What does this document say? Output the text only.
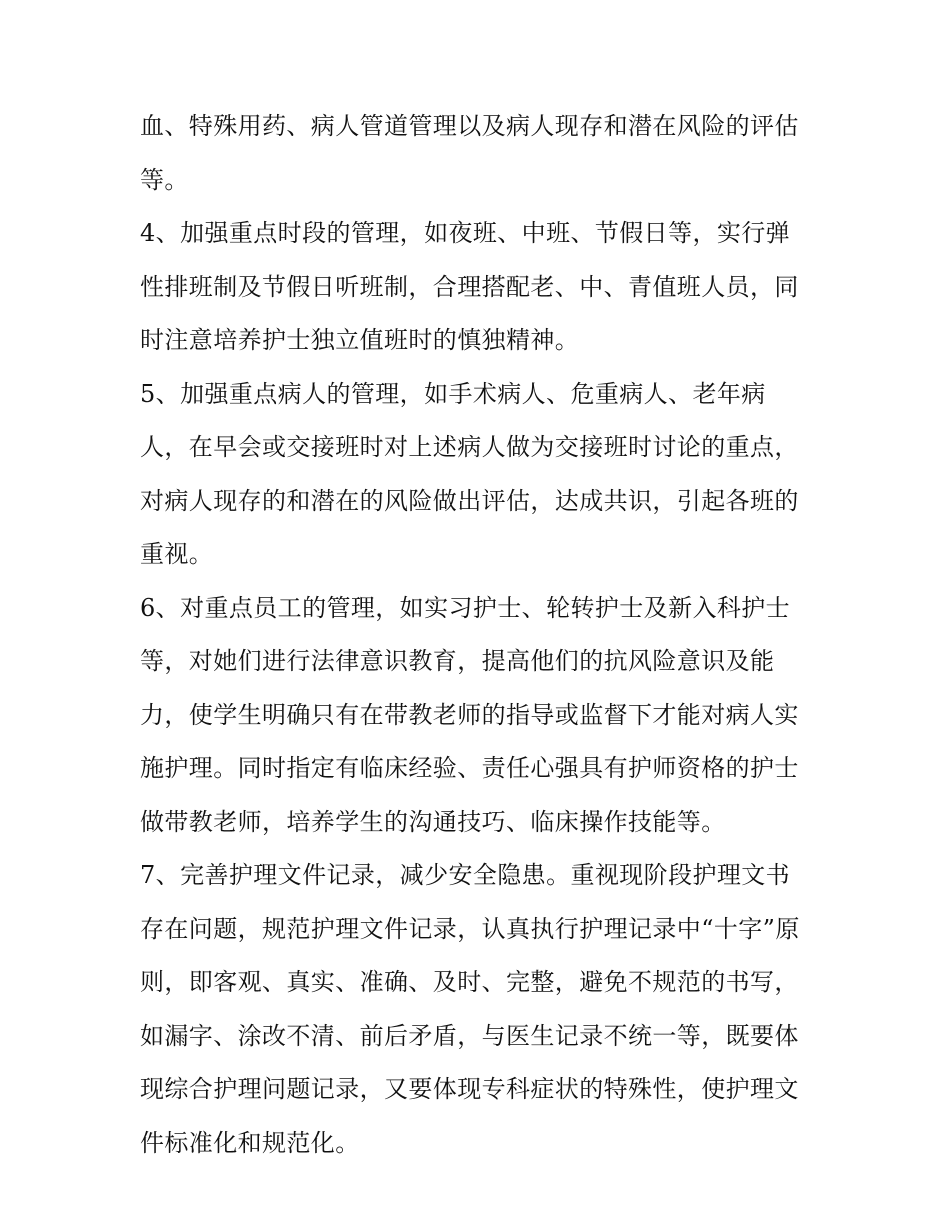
血、特殊用药、病人管道管理以及病人现存和潜在风险的评估
等。
4、加强重点时段的管理，如夜班、中班、节假日等，实行弹
性排班制及节假日听班制，合理搭配老、中、青值班人员，同
时注意培养护士独立值班时的慎独精神。
5、加强重点病人的管理，如手术病人、危重病人、老年病
人，在早会或交接班时对上述病人做为交接班时讨论的重点，
对病人现存的和潜在的风险做出评估，达成共识，引起各班的
重视。
6、对重点员工的管理，如实习护士、轮转护士及新入科护士
等，对她们进行法律意识教育，提高他们的抗风险意识及能
力，使学生明确只有在带教老师的指导或监督下才能对病人实
施护理。同时指定有临床经验、责任心强具有护师资格的护士
做带教老师，培养学生的沟通技巧、临床操作技能等。
7、完善护理文件记录，减少安全隐患。重视现阶段护理文书
存在问题，规范护理文件记录，认真执行护理记录中“十字”原
则，即客观、真实、准确、及时、完整，避免不规范的书写，
如漏字、涂改不清、前后矛盾，与医生记录不统一等，既要体
现综合护理问题记录，又要体现专科症状的特殊性，使护理文
件标准化和规范化。
